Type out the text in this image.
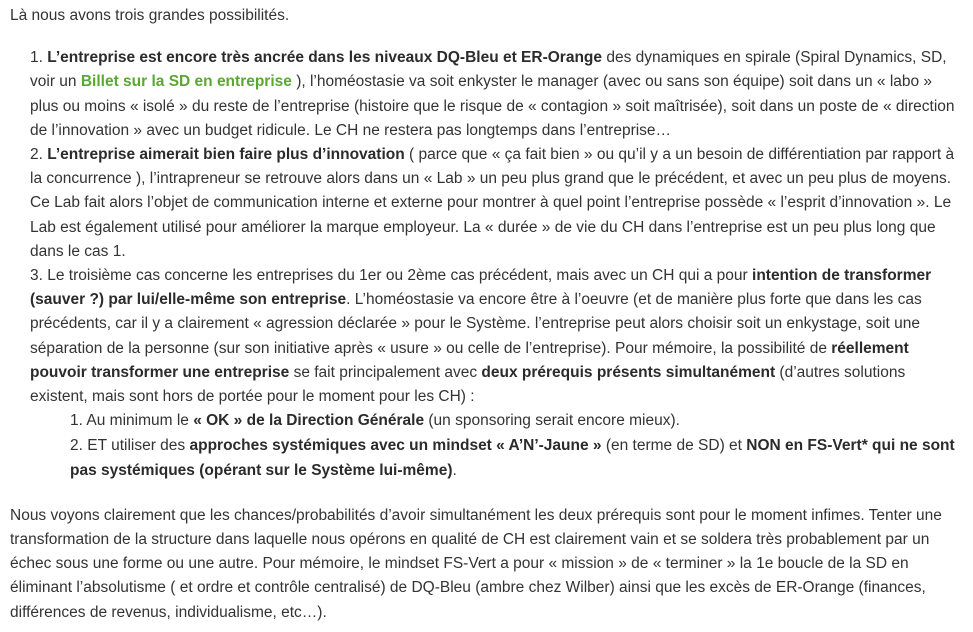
Là nous avons trois grandes possibilités.

1. L’entreprise est encore très ancrée dans les niveaux DQ-Bleu et ER-Orange des dynamiques en spirale (Spiral Dynamics, SD, voir un Billet sur la SD en entreprise ), l’homéostasie va soit enkyster le manager (avec ou sans son équipe) soit dans un « labo » plus ou moins « isolé » du reste de l’entreprise (histoire que le risque de « contagion » soit maîtrisée), soit dans un poste de « direction de l’innovation » avec un budget ridicule. Le CH ne restera pas longtemps dans l’entreprise…
2. L’entreprise aimerait bien faire plus d’innovation ( parce que « ça fait bien » ou qu’il y a un besoin de différentiation par rapport à la concurrence ), l’intrapreneur se retrouve alors dans un « Lab » un peu plus grand que le précédent, et avec un peu plus de moyens. Ce Lab fait alors l’objet de communication interne et externe pour montrer à quel point l’entreprise possède « l’esprit d’innovation ». Le Lab est également utilisé pour améliorer la marque employeur. La « durée » de vie du CH dans l’entreprise est un peu plus long que dans le cas 1.
3. Le troisième cas concerne les entreprises du 1er ou 2ème cas précédent, mais avec un CH qui a pour intention de transformer (sauver ?) par lui/elle-même son entreprise. L’homéostasie va encore être à l’oeuvre (et de manière plus forte que dans les cas précédents, car il y a clairement « agression déclarée » pour le Système. l’entreprise peut alors choisir soit un enkystage, soit une séparation de la personne (sur son initiative après « usure » ou celle de l’entreprise). Pour mémoire, la possibilité de réellement pouvoir transformer une entreprise se fait principalement avec deux prérequis présents simultanément (d’autres solutions existent, mais sont hors de portée pour le moment pour les CH) :
1. Au minimum le « OK » de la Direction Générale (un sponsoring serait encore mieux).
2. ET utiliser des approches systémiques avec un mindset « A’N’-Jaune » (en terme de SD) et NON en FS-Vert* qui ne sont pas systémiques (opérant sur le Système lui-même).

Nous voyons clairement que les chances/probabilités d’avoir simultanément les deux prérequis sont pour le moment infimes. Tenter une transformation de la structure dans laquelle nous opérons en qualité de CH est clairement vain et se soldera très probablement par un échec sous une forme ou une autre. Pour mémoire, le mindset FS-Vert a pour « mission » de « terminer » la 1e boucle de la SD en éliminant l’absolutisme ( et ordre et contrôle centralisé) de DQ-Bleu (ambre chez Wilber) ainsi que les excès de ER-Orange (finances, différences de revenus, individualisme, etc…).
